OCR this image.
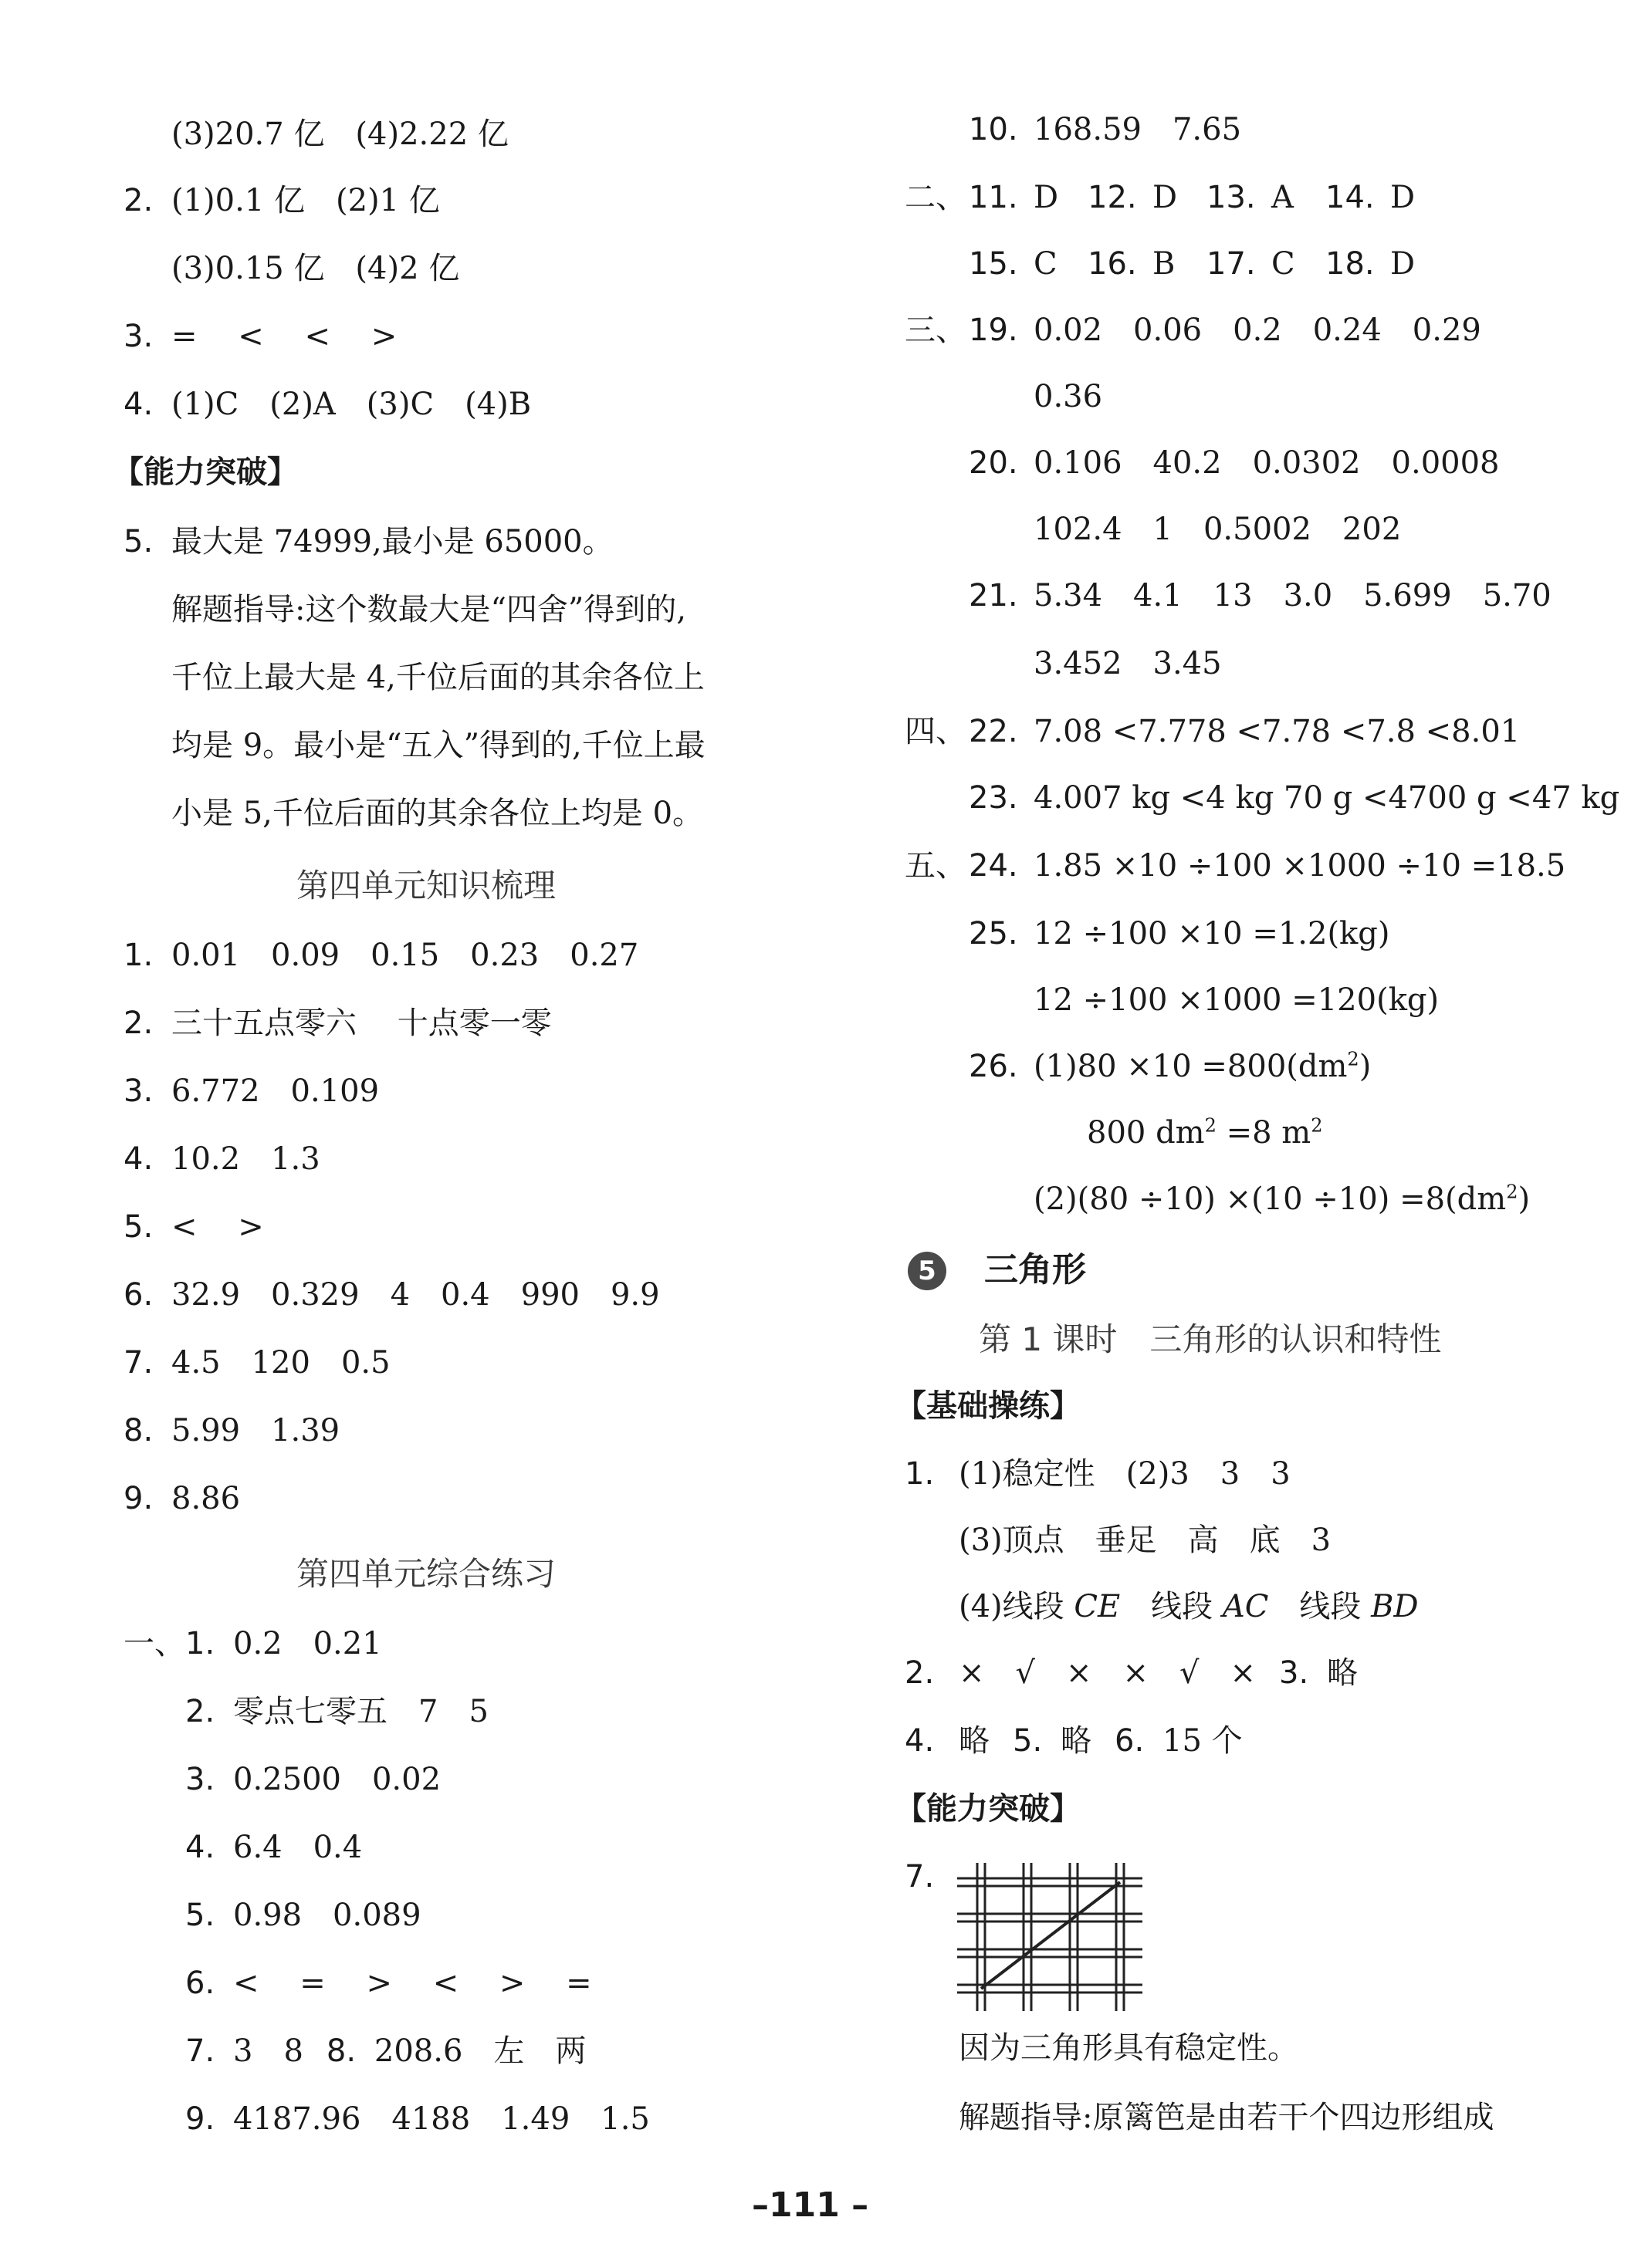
(3)20.7 亿　(4)2.22 亿
2. (1)0.1 亿　(2)1 亿
(3)0.15 亿　(4)2 亿
3. =　 <　 <　 >
4. (1)C　(2)A　(3)C　(4)B
【能力突破】
5. 最大是 74999,最小是 65000。
解题指导:这个数最大是“四舍”得到的,
千位上最大是 4,千位后面的其余各位上
均是 9。最小是“五入”得到的,千位上最
小是 5,千位后面的其余各位上均是 0。
第四单元知识梳理
1. 0.01　0.09　0.15　0.23　0.27
2. 三十五点零六　 十点零一零
3. 6.772　0.109
4. 10.2　1.3
5. <　 >
6. 32.9　0.329　4　0.4　990　9.9
7. 4.5　120　0.5
8. 5.99　1.39
9. 8.86
第四单元综合练习
一、 1. 0.2　0.21
2. 零点七零五　7　5
3. 0.2500　0.02
4. 6.4　0.4
5. 0.98　0.089
6. <　 =　 >　 <　 >　 =
7. 3　8 8. 208.6　左　两
9. 4187.96　4188　1.49　1.5
10. 168.59　7.65
二、 11. D 12. D 13. A 14. D
15. C 16. B 17. C 18. D
三、 19. 0.02　0.06　0.2　0.24　0.29
0.36
20. 0.106　40.2　0.0302　0.0008
102.4　1　0.5002　202
21. 5.34　4.1　13　3.0　5.699　5.70
3.452　3.45
四、 22. 7.08 <7.778 <7.78 <7.8 <8.01
23. 4.007 kg <4 kg 70 g <4700 g <47 kg
五、 24. 1.85 ×10 ÷100 ×1000 ÷10 =18.5
25. 12 ÷100 ×10 =1.2(kg)
12 ÷100 ×1000 =120(kg)
26. $(1)80 \times 10 =800(dm^2)$
800 $dm^2 =8$ $m^2$
$(2)(80 \div 10) \times(10 \div 10) =8(dm^2)$
5 三角形
第 1 课时　三角形的认识和特性
【基础操练】
1. (1)稳定性　(2)3　3　3
(3)顶点　垂足　高　底　3
(4)线段 CE　线段 AC　线段 BD
2. ×　√　×　×　√　× 3. 略
4. 略 5. 略 6. 15 个
【能力突破】
7.
因为三角形具有稳定性。
解题指导:原篱笆是由若干个四边形组成
–111 –
